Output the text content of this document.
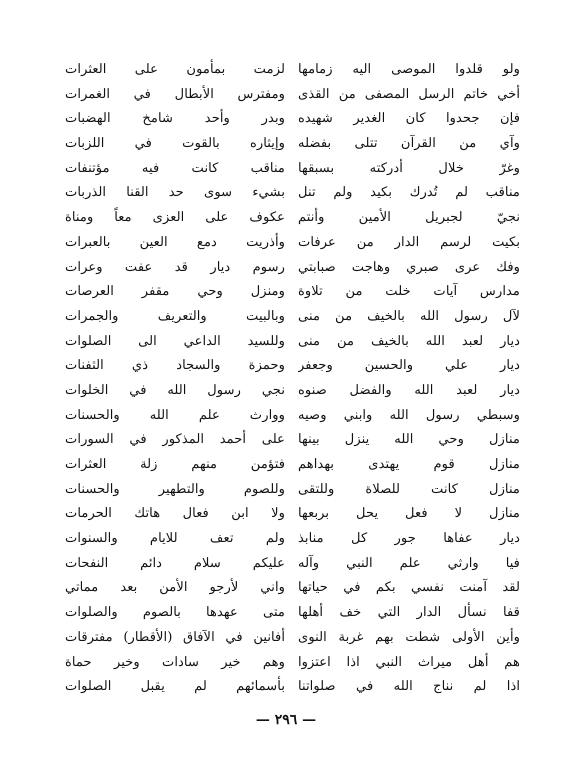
ولو قلدوا الموصى اليه زمامها
أخي خاتم الرسل المصفى من القذى
فإن جحدوا كان الغدير شهيده
وآي من القرآن تتلى بفضله
وغرّ خلال أدركته بسبقها
مناقب لم تُدرك بكيد ولم تنل
نجيّ لجبريل الأمين وأنتم
بكيت لرسم الدار من عرفات
وفك عرى صبري وهاجت صبابتي
مدارس آيات خلت من تلاوة
لآل رسول الله بالخيف من منى
ديار لعبد الله بالخيف من منى
ديار علي والحسين وجعفر
ديار لعبد الله والفضل صنوه
وسبطي رسول الله وابني وصيه
منازل وحي الله ينزل بينها
منازل قوم يهتدى بهداهم
منازل كانت للصلاة وللتقى
منازل لا فعل يحل بربعها
ديار عفاها جور كل منابذ
فيا وارثي علم النبي وآله
لقد آمنت نفسي بكم في حياتها
قفا نسأل الدار التي خف أهلها
وأين الأولى شطت بهم غربة النوى
هم أهل ميراث النبي اذا اعتزوا
اذا لم نناج الله في صلواتنا
لزمت بمأمون على العثرات
ومفترس الأبطال في الغمرات
وبدر وأحد شامخ الهضبات
وإيثاره بالقوت في اللزبات
مناقب كانت فيه مؤتنفات
بشيء سوى حد القنا الذربات
عكوف على العزى معاً ومناة
وأذريت دمع العين بالعبرات
رسوم ديار قد عفت وعرات
ومنزل وحي مقفر العرصات
وبالبيت والتعريف والجمرات
وللسيد الداعي الى الصلوات
وحمزة والسجاد ذي الثفنات
نجي رسول الله في الخلوات
ووارث علم الله والحسنات
على أحمد المذكور في السورات
فتؤمن منهم زلة العثرات
وللصوم والتطهير والحسنات
ولا ابن فعال هاتك الحرمات
ولم تعف للايام والسنوات
عليكم سلام دائم النفحات
واني لأرجو الأمن بعد مماتي
متى عهدها بالصوم والصلوات
أفانين في الآفاق (الأقطار) مفترقات
وهم خير سادات وخير حماة
بأسمائهم لم يقبل الصلوات
— ٢٩٦ —
